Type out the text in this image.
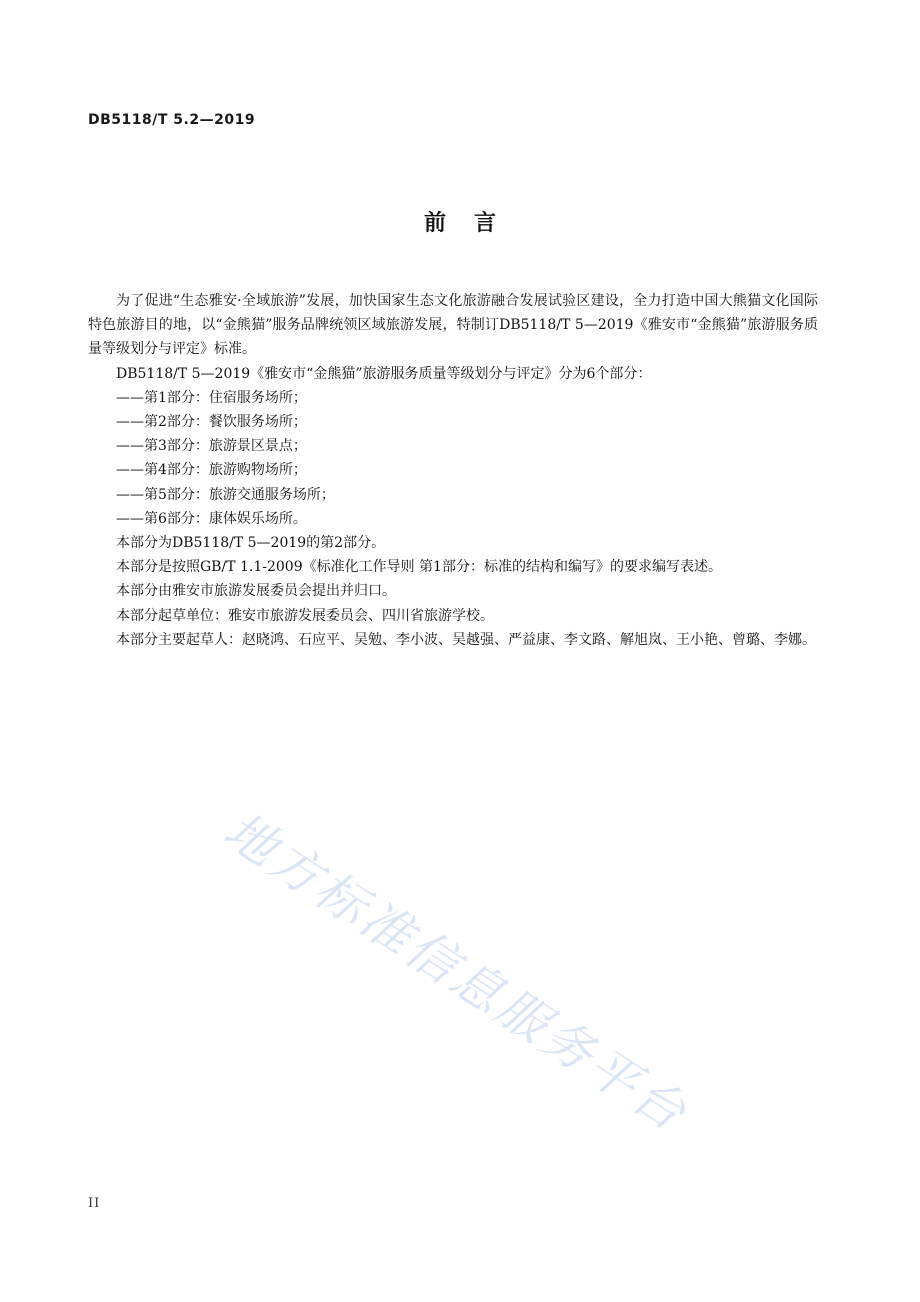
DB5118/T 5.2—2019
前言

为了促进“生态雅安·全域旅游”发展，加快国家生态文化旅游融合发展试验区建设，全力打造中国大熊猫文化国际特色旅游目的地，以“金熊猫”服务品牌统领区域旅游发展，特制订DB5118/T 5—2019《雅安市“金熊猫”旅游服务质量等级划分与评定》标准。

DB5118/T 5—2019《雅安市“金熊猫”旅游服务质量等级划分与评定》分为6个部分：

——第1部分：住宿服务场所；

——第2部分：餐饮服务场所；

——第3部分：旅游景区景点；

——第4部分：旅游购物场所；

——第5部分：旅游交通服务场所；

——第6部分：康体娱乐场所。

本部分为DB5118/T 5—2019的第2部分。

本部分是按照GB/T 1.1-2009《标准化工作导则 第1部分：标准的结构和编写》的要求编写表述。

本部分由雅安市旅游发展委员会提出并归口。

本部分起草单位：雅安市旅游发展委员会、四川省旅游学校。

本部分主要起草人：赵晓鸿、石应平、吴勉、李小波、吴越强、严益康、李文路、解旭岚、王小艳、曾璐、李娜。

地方标准信息服务平台
II
